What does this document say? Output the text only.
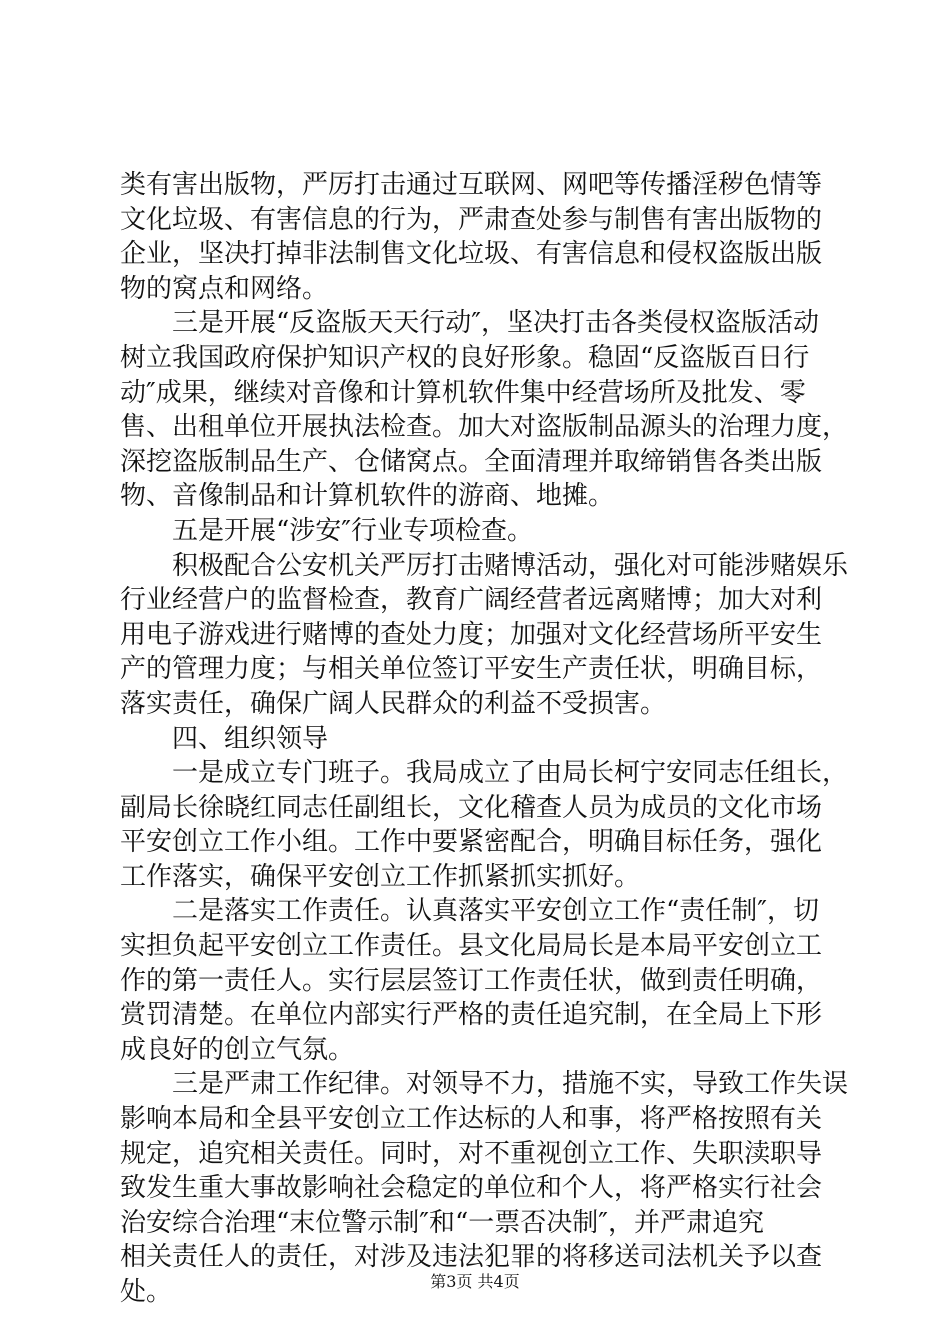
类有害出版物，严厉打击通过互联网、网吧等传播淫秽色情等
文化垃圾、有害信息的行为，严肃查处参与制售有害出版物的
企业，坚决打掉非法制售文化垃圾、有害信息和侵权盗版出版
物的窝点和网络。
三是开展“反盗版天天行动″，坚决打击各类侵权盗版活动
树立我国政府保护知识产权的良好形象。稳固“反盗版百日行
动″成果，继续对音像和计算机软件集中经营场所及批发、零
售、出租单位开展执法检查。加大对盗版制品源头的治理力度，
深挖盗版制品生产、仓储窝点。全面清理并取缔销售各类出版
物、音像制品和计算机软件的游商、地摊。
五是开展“涉安″行业专项检查。
积极配合公安机关严厉打击赌博活动，强化对可能涉赌娱乐
行业经营户的监督检查，教育广阔经营者远离赌博；加大对利
用电子游戏进行赌博的查处力度；加强对文化经营场所平安生
产的管理力度；与相关单位签订平安生产责任状，明确目标，
落实责任，确保广阔人民群众的利益不受损害。
四、组织领导
一是成立专门班子。我局成立了由局长柯宁安同志任组长，
副局长徐晓红同志任副组长，文化稽查人员为成员的文化市场
平安创立工作小组。工作中要紧密配合，明确目标任务，强化
工作落实，确保平安创立工作抓紧抓实抓好。
二是落实工作责任。认真落实平安创立工作“责任制″，切
实担负起平安创立工作责任。县文化局局长是本局平安创立工
作的第一责任人。实行层层签订工作责任状，做到责任明确，
赏罚清楚。在单位内部实行严格的责任追究制，在全局上下形
成良好的创立气氛。
三是严肃工作纪律。对领导不力，措施不实，导致工作失误
影响本局和全县平安创立工作达标的人和事，将严格按照有关
规定，追究相关责任。同时，对不重视创立工作、失职渎职导
致发生重大事故影响社会稳定的单位和个人，将严格实行社会
治安综合治理“末位警示制″和“一票否决制″，并严肃追究
相关责任人的责任，对涉及违法犯罪的将移送司法机关予以查
处。	第3页 共4页
